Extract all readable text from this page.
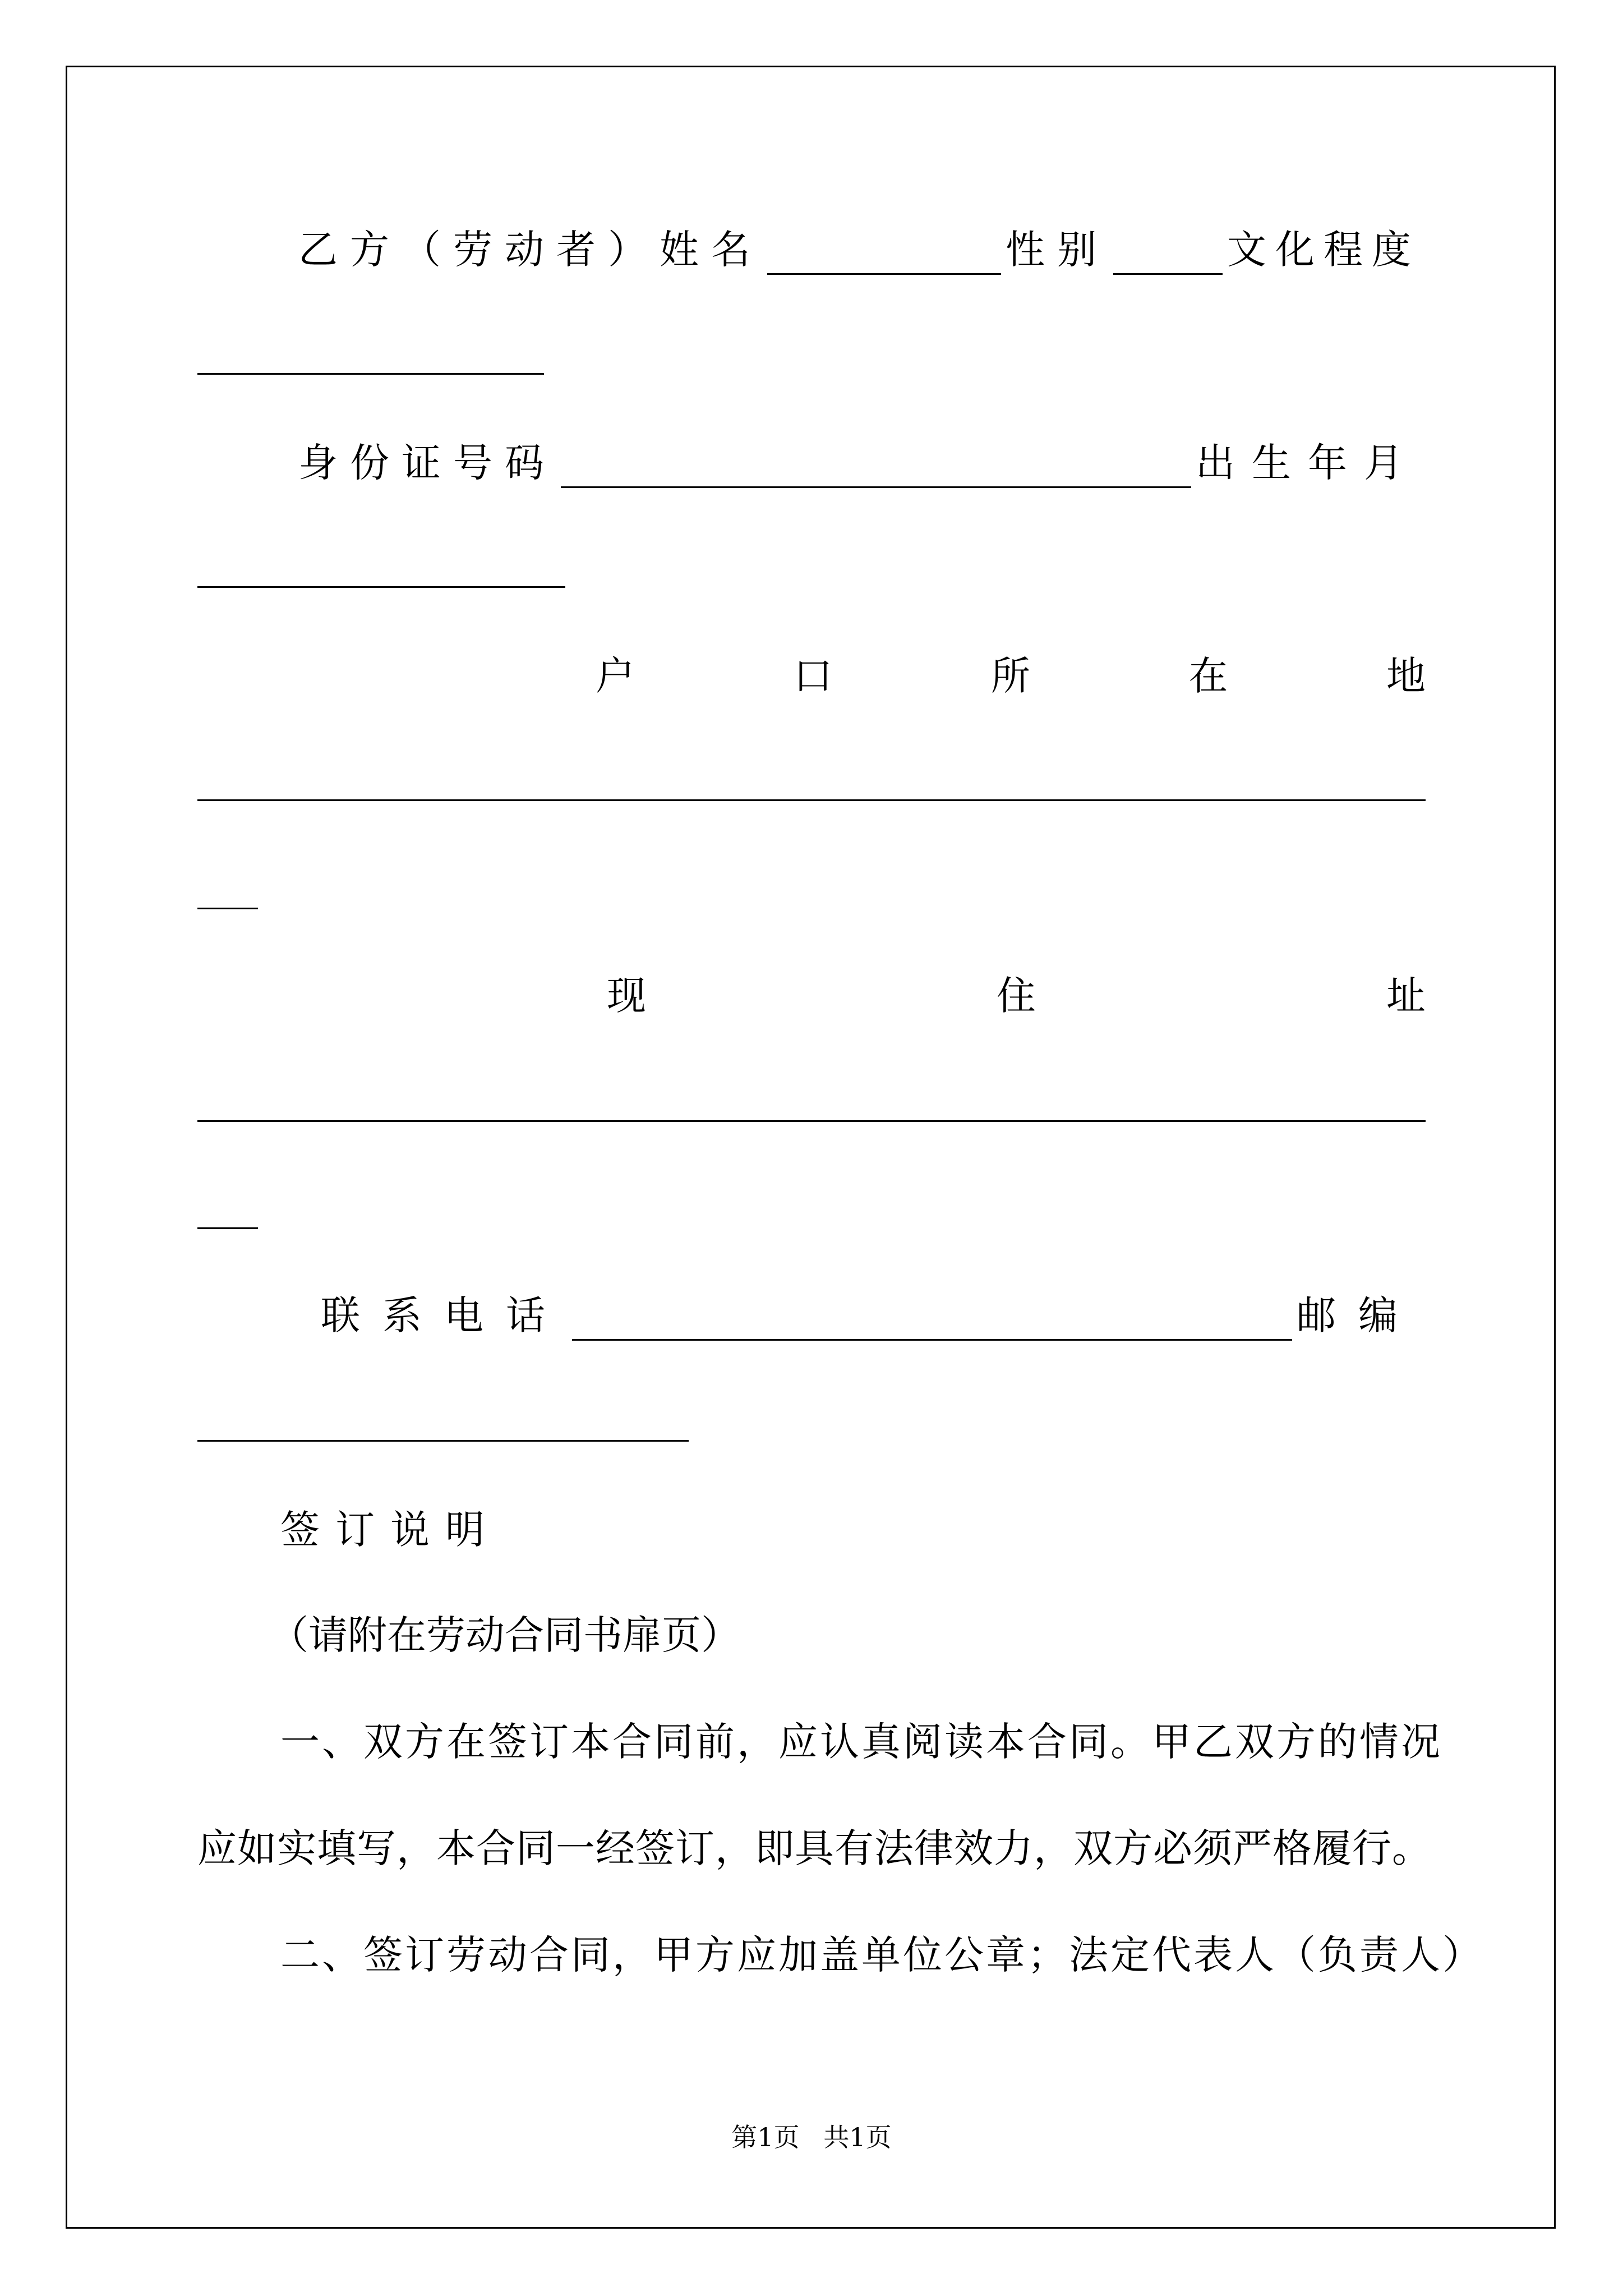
乙方（劳动者）姓名	性别	文化程度
身份证号码	出生年月
户	口	所	在	地
现	住	址
联系电话	邮编
签订说明
（请附在劳动合同书扉页）
一、双方在签订本合同前，应认真阅读本合同。甲乙双方的情况
应如实填写，本合同一经签订，即具有法律效力，双方必须严格履行。
二、签订劳动合同，甲方应加盖单位公章；法定代表人（负责人）
第1页 共1页
